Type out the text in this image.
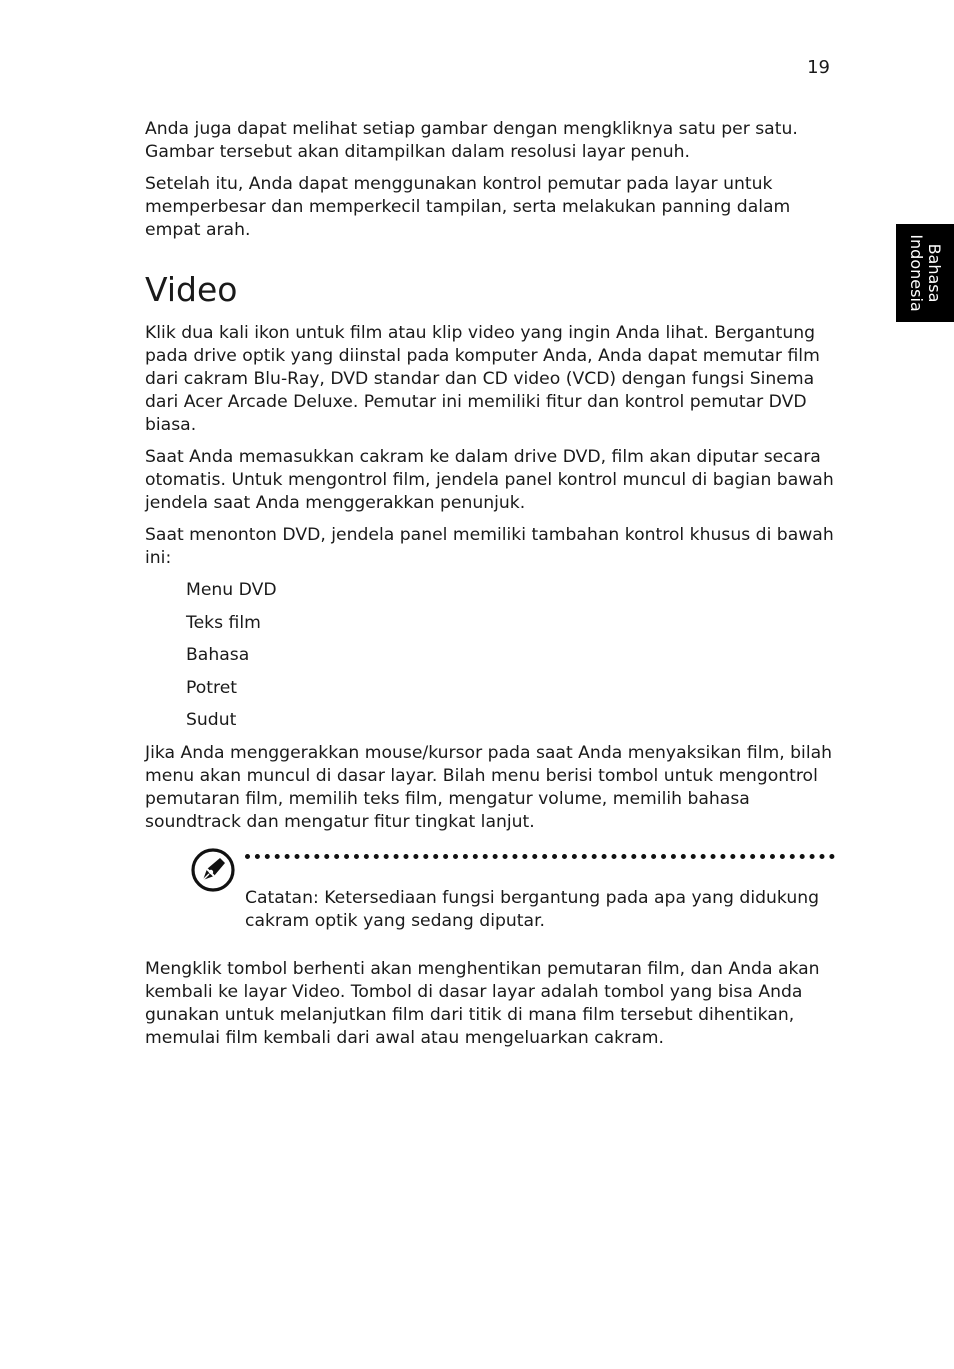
19
Bahasa
Indonesia

Anda juga dapat melihat setiap gambar dengan mengkliknya satu per satu. Gambar tersebut akan ditampilkan dalam resolusi layar penuh.

Setelah itu, Anda dapat menggunakan kontrol pemutar pada layar untuk memperbesar dan memperkecil tampilan, serta melakukan panning dalam empat arah.

Video

Klik dua kali ikon untuk film atau klip video yang ingin Anda lihat. Bergantung pada drive optik yang diinstal pada komputer Anda, Anda dapat memutar film dari cakram Blu-Ray, DVD standar dan CD video (VCD) dengan fungsi Sinema dari Acer Arcade Deluxe. Pemutar ini memiliki fitur dan kontrol pemutar DVD biasa.

Saat Anda memasukkan cakram ke dalam drive DVD, film akan diputar secara otomatis. Untuk mengontrol film, jendela panel kontrol muncul di bagian bawah jendela saat Anda menggerakkan penunjuk.

Saat menonton DVD, jendela panel memiliki tambahan kontrol khusus di bawah ini:

Menu DVD
Teks film
Bahasa
Potret
Sudut

Jika Anda menggerakkan mouse/kursor pada saat Anda menyaksikan film, bilah menu akan muncul di dasar layar. Bilah menu berisi tombol untuk mengontrol pemutaran film, memilih teks film, mengatur volume, memilih bahasa soundtrack dan mengatur fitur tingkat lanjut.

Catatan: Ketersediaan fungsi bergantung pada apa yang didukung cakram optik yang sedang diputar.

Mengklik tombol berhenti akan menghentikan pemutaran film, dan Anda akan kembali ke layar Video. Tombol di dasar layar adalah tombol yang bisa Anda gunakan untuk melanjutkan film dari titik di mana film tersebut dihentikan, memulai film kembali dari awal atau mengeluarkan cakram.
